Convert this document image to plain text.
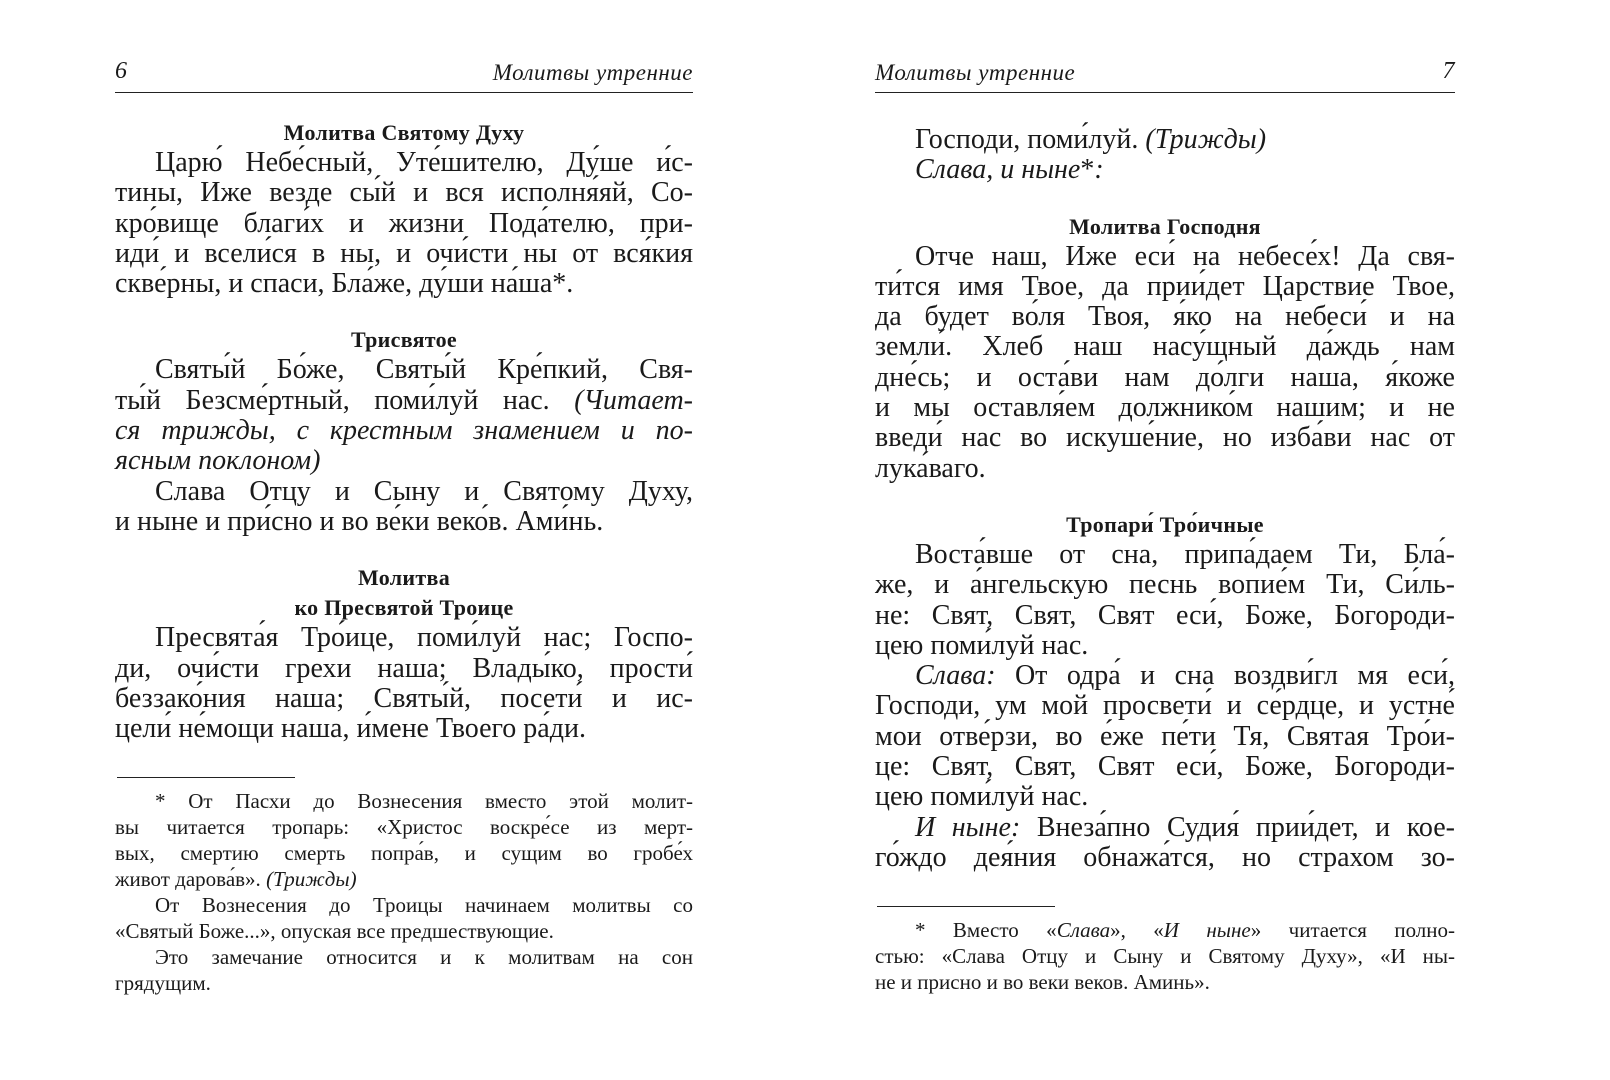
6	Молитвы утренние
Молитва Святому Духу
Царю́ Небе́сный, Уте́шителю, Ду́ше и́с-
тины, Иже везде сы́й и вся исполня́яй, Со-
кро́вище благи́х и жизни Пода́телю, при-
иди́ и всели́ся в ны, и очи́сти ны от вся́кия
скве́рны, и спаси, Бла́же, ду́ши на́ша*.
Трисвятое
Святы́й Бо́же, Святы́й Кре́пкий, Свя-
ты́й Безсме́ртный, поми́луй нас. (Читает-
ся трижды, с крестным знамением и по-
ясным поклоном)
Слава Отцу и Сыну и Святому Духу,
и ныне и при́сно и во ве́ки веко́в. Ами́нь.
Молитва
ко Пресвятой Троице
Пресвята́я Тро́ице, поми́луй нас; Госпо-
ди, очи́сти грехи наша; Влады́ко, прости́
беззако́ния наша; Святы́й, посети́ и ис-
цели́ не́мощи наша, и́мене Твоего ра́ди.
* От Пасхи до Вознесения вместо этой молит-
вы читается тропарь: «Христос воскре́се из мерт-
вых, смертию смерть попра́в, и сущим во гробе́х
живот дарова́в». (Трижды)
От Вознесения до Троицы начинаем молитвы со
«Святый Боже...», опуская все предшествующие.
Это замечание относится и к молитвам на сон
грядущим.
Молитвы утренние	7
Господи, поми́луй. (Трижды)
Слава, и ныне*:
Молитва Господня
Отче наш, Иже еси́ на небесе́х! Да свя-
ти́тся имя Твое, да прии́дет Царствие Твое,
да будет во́ля Твоя, я́ко на небеси́ и на
земли́. Хлеб наш насу́щный да́ждь нам
дне́сь; и оста́ви нам до́лги наша, я́коже
и мы оставля́ем должнико́м нашим; и не
введи́ нас во искуше́ние, но изба́ви нас от
лука́ваго.
Тропари́ Тро́ичные
Воста́вше от сна, припа́даем Ти, Бла́-
же, и а́нгельскую песнь вопие́м Ти, Си́ль-
не: Свят, Свят, Свят еси́, Боже, Богороди-
цею поми́луй нас.
Слава: От одра́ и сна воздви́гл мя еси́,
Господи, ум мой просвети́ и се́рдце, и устне́
мои отве́рзи, во е́же пе́ти Тя, Святая Тро́и-
це: Свят, Свят, Свят еси́, Боже, Богороди-
цею поми́луй нас.
И ныне: Внеза́пно Судия́ прии́дет, и кое-
го́ждо дея́ния обнажа́тся, но страхом зо-
* Вместо «Слава», «И ныне» читается полно-
стью: «Слава Отцу и Сыну и Святому Духу», «И ны-
не и присно и во веки веков. Аминь».
